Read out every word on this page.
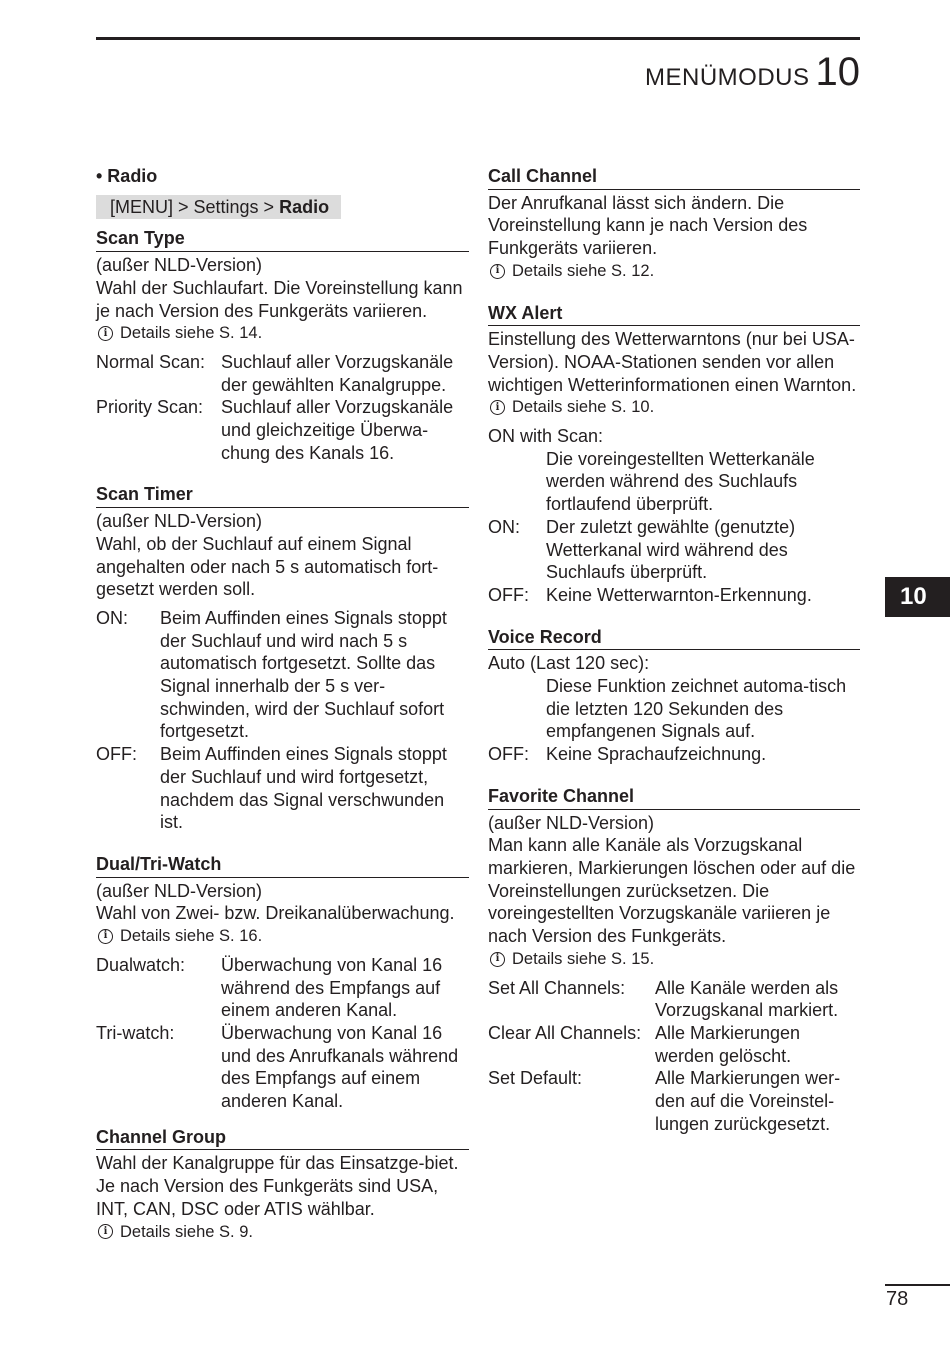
MENÜMODUS 10
• Radio
[MENU] > Settings > Radio
Scan Type

(außer NLD-Version)

Wahl der Suchlaufart. Die Voreinstellung kann je nach Version des Funkgeräts variieren.

i Details siehe S. 14.
Normal Scan: Suchlauf aller Vorzugskanäle der gewählten Kanalgruppe.
Priority Scan: Suchlauf aller Vorzugskanäle und gleichzeitige Überwa-chung des Kanals 16.
Scan Timer

(außer NLD-Version)

Wahl, ob der Suchlauf auf einem Signal angehalten oder nach 5 s automatisch fort-gesetzt werden soll.

ON:	Beim Auffinden eines Signals stoppt der Suchlauf und wird nach 5 s automatisch fortgesetzt. Sollte das Signal innerhalb der 5 s ver-schwinden, wird der Suchlauf sofort fortgesetzt.
OFF:	Beim Auffinden eines Signals stoppt der Suchlauf und wird fortgesetzt, nachdem das Signal verschwunden ist.
Dual/Tri-Watch

(außer NLD-Version)

Wahl von Zwei- bzw. Dreikanalüberwachung.

i Details siehe S. 16.
Dualwatch:	Überwachung von Kanal 16 während des Empfangs auf einem anderen Kanal.
Tri-watch:	Überwachung von Kanal 16 und des Anrufkanals während des Empfangs auf einem anderen Kanal.
Channel Group

Wahl der Kanalgruppe für das Einsatzge-biet. Je nach Version des Funkgeräts sind USA, INT, CAN, DSC oder ATIS wählbar.

i Details siehe S. 9.
Call Channel

Der Anrufkanal lässt sich ändern. Die Voreinstellung kann je nach Version des Funkgeräts variieren.

i Details siehe S. 12.
WX Alert

Einstellung des Wetterwarntons (nur bei USA-Version). NOAA-Stationen senden vor allen wichtigen Wetterinformationen einen Warnton.

i Details siehe S. 10.
ON with Scan:
Die voreingestellten Wetterkanäle werden während des Suchlaufs fortlaufend überprüft.
ON:	Der zuletzt gewählte (genutzte) Wetterkanal wird während des Suchlaufs überprüft.
OFF: Keine Wetterwarnton-Erkennung.
Voice Record
Auto (Last 120 sec):
Diese Funktion zeichnet automa-tisch die letzten 120 Sekunden des empfangenen Signals auf.
OFF: Keine Sprachaufzeichnung.
Favorite Channel

(außer NLD-Version)

Man kann alle Kanäle als Vorzugskanal markieren, Markierungen löschen oder auf die Voreinstellungen zurücksetzen. Die voreingestellten Vorzugskanäle variieren je nach Version des Funkgeräts.

i Details siehe S. 15.
Set All Channels:	Alle Kanäle werden als Vorzugskanal markiert.
Clear All Channels: Alle Markierungen werden gelöscht.
Set Default:	Alle Markierungen wer-den auf die Voreinstel-lungen zurückgesetzt.
10
78
